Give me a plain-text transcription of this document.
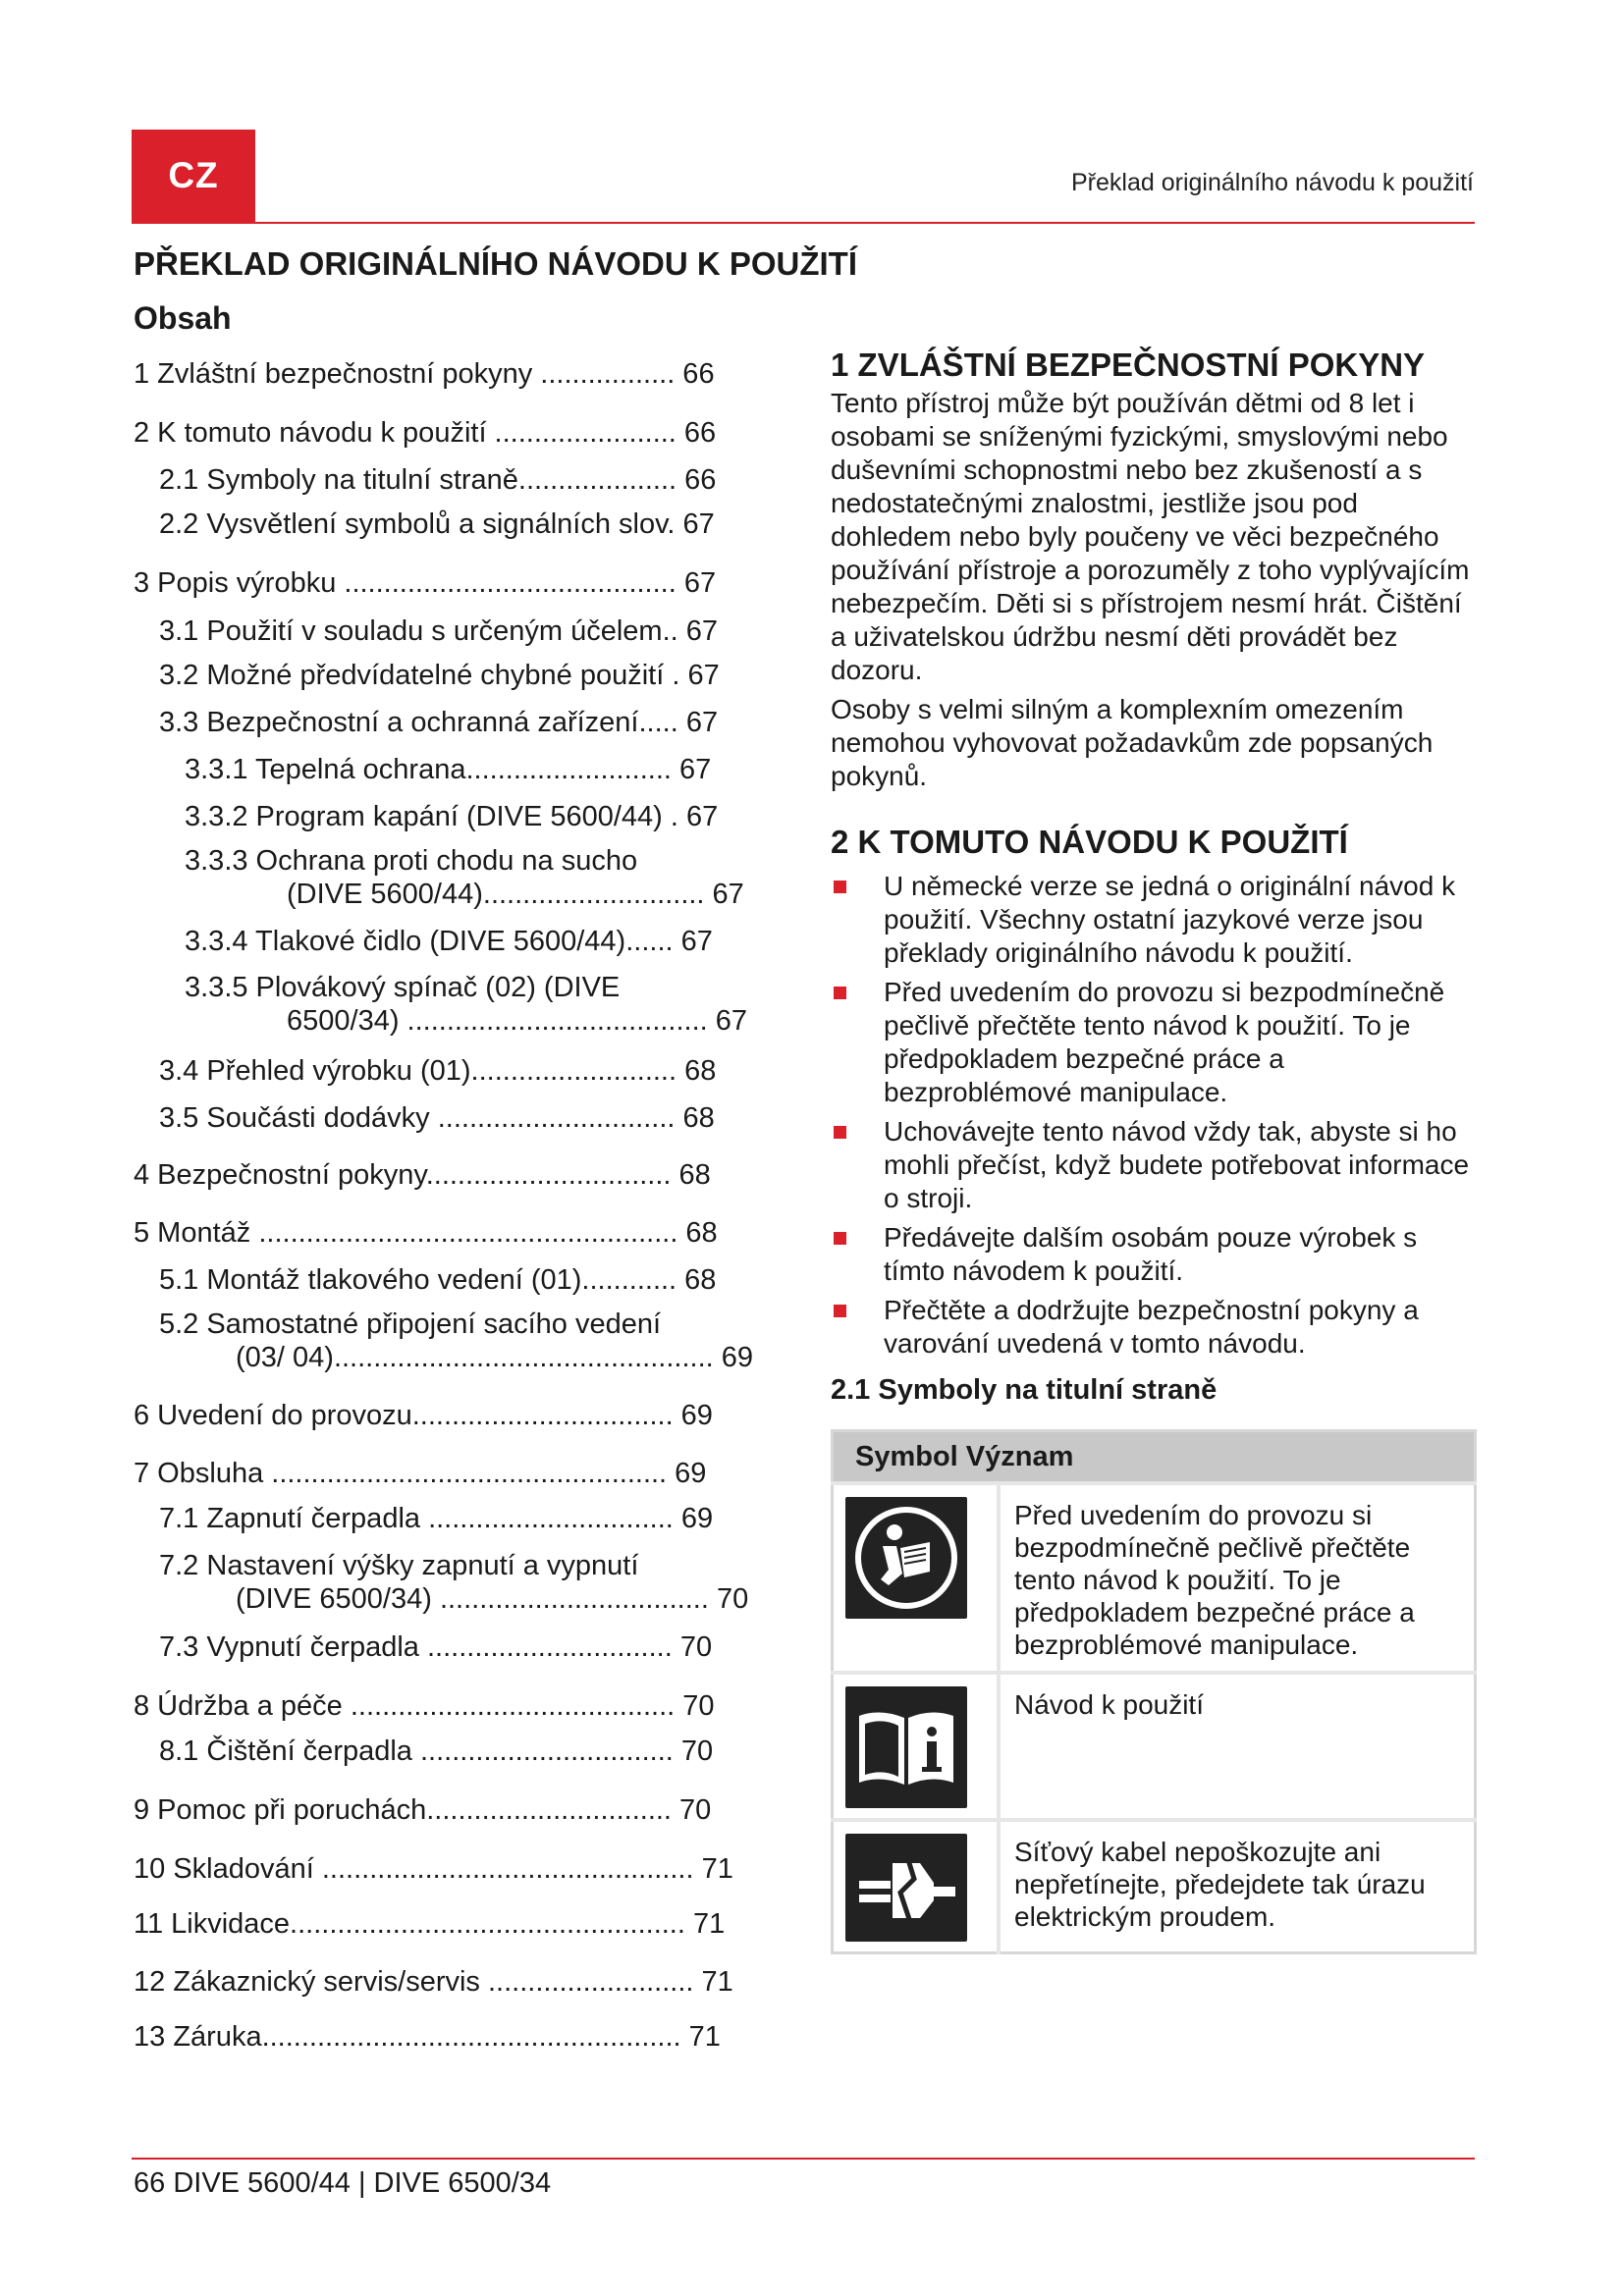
CZ	Překlad originálního návodu k použití
PŘEKLAD ORIGINÁLNÍHO NÁVODU K POUŽITÍ
Obsah
1 Zvláštní bezpečnostní pokyny ................. 66
2 K tomuto návodu k použití ....................... 66
2.1 Symboly na titulní straně.................... 66
2.2 Vysvětlení symbolů a signálních slov. 67
3 Popis výrobku .......................................... 67
3.1 Použití v souladu s určeným účelem.. 67
3.2 Možné předvídatelné chybné použití . 67
3.3 Bezpečnostní a ochranná zařízení..... 67
3.3.1 Tepelná ochrana.......................... 67
3.3.2 Program kapání (DIVE 5600/44) . 67
3.3.3 Ochrana proti chodu na sucho
(DIVE 5600/44)............................ 67
3.3.4 Tlakové čidlo (DIVE 5600/44)...... 67
3.3.5 Plovákový spínač (02) (DIVE
6500/34) ...................................... 67
3.4 Přehled výrobku (01).......................... 68
3.5 Součásti dodávky .............................. 68
4 Bezpečnostní pokyny............................... 68
5 Montáž ..................................................... 68
5.1 Montáž tlakového vedení (01)............ 68
5.2 Samostatné připojení sacího vedení
(03/ 04)................................................ 69
6 Uvedení do provozu................................. 69
7 Obsluha .................................................. 69
7.1 Zapnutí čerpadla ............................... 69
7.2 Nastavení výšky zapnutí a vypnutí
(DIVE 6500/34) .................................. 70
7.3 Vypnutí čerpadla ............................... 70
8 Údržba a péče ......................................... 70
8.1 Čištění čerpadla ................................ 70
9 Pomoc při poruchách............................... 70
10 Skladování ............................................... 71
11 Likvidace.................................................. 71
12 Zákaznický servis/servis .......................... 71
13 Záruka..................................................... 71
1 ZVLÁŠTNÍ BEZPEČNOSTNÍ POKYNY

Tento přístroj může být používán dětmi od 8 let i osobami se sníženými fyzickými, smyslovými nebo duševními schopnostmi nebo bez zkušeností a s nedostatečnými znalostmi, jestliže jsou pod dohledem nebo byly poučeny ve věci bezpečného používání přístroje a porozuměly z toho vyplývajícím nebezpečím. Děti si s přístrojem nesmí hrát. Čištění a uživatelskou údržbu nesmí děti provádět bez dozoru.

Osoby s velmi silným a komplexním omezením nemohou vyhovovat požadavkům zde popsaných pokynů.

2 K TOMUTO NÁVODU K POUŽITÍ
U německé verze se jedná o originální návod k použití. Všechny ostatní jazykové verze jsou překlady originálního návodu k použití.
Před uvedením do provozu si bezpodmínečně pečlivě přečtěte tento návod k použití. To je předpokladem bezpečné práce a bezproblémové manipulace.
Uchovávejte tento návod vždy tak, abyste si ho mohli přečíst, když budete potřebovat informace o stroji.
Předávejte dalším osobám pouze výrobek s tímto návodem k použití.
Přečtěte a dodržujte bezpečnostní pokyny a varování uvedená v tomto návodu.
2.1 Symboly na titulní straně
Symbol Význam	

	Před uvedením do provozu si bezpodmínečně pečlivě přečtěte tento návod k použití. To je předpokladem bezpečné práce a bezproblémové manipulace.

	Návod k použití

	Síťový kabel nepoškozujte ani nepřetínejte, předejdete tak úrazu elektrickým proudem.
66 DIVE 5600/44 | DIVE 6500/34
